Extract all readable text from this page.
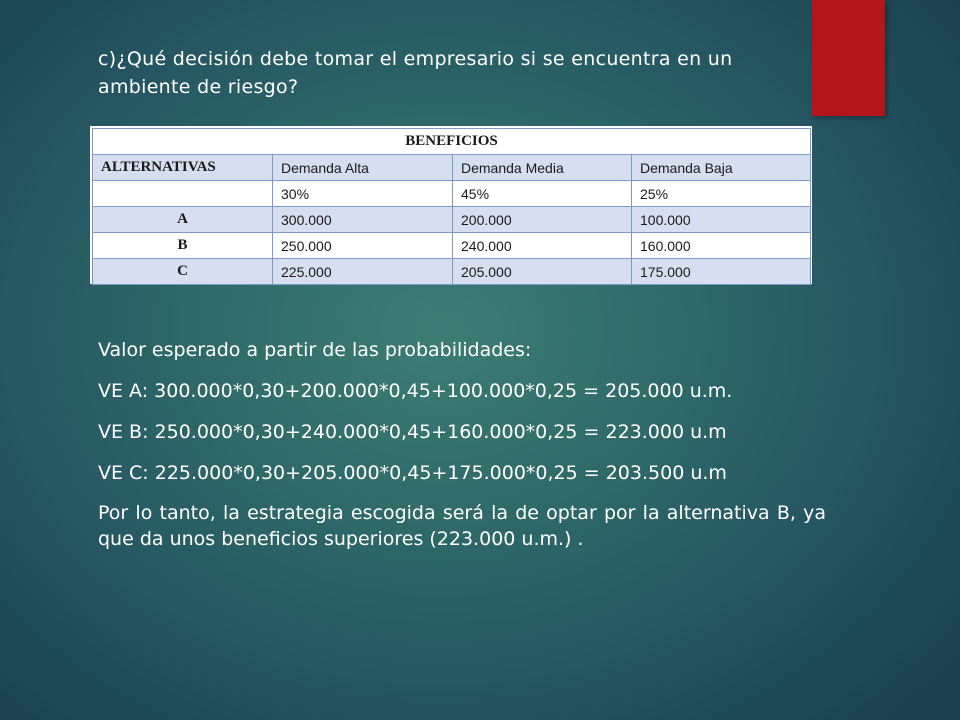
c)¿Qué decisión debe tomar el empresario si se encuentra en un ambiente de riesgo?
BENEFICIOS			
ALTERNATIVAS	Demanda Alta	Demanda Media	Demanda Baja
	30%	45%	25%
A	300.000	200.000	100.000
B	250.000	240.000	160.000
C	225.000	205.000	175.000

Valor esperado a partir de las probabilidades:

VE A: 300.000*0,30+200.000*0,45+100.000*0,25 = 205.000 u.m.

VE B: 250.000*0,30+240.000*0,45+160.000*0,25 = 223.000 u.m

VE C: 225.000*0,30+205.000*0,45+175.000*0,25 = 203.500 u.m

Por lo tanto, la estrategia escogida será la de optar por la alternativa B, ya que da unos beneficios superiores (223.000 u.m.) .
